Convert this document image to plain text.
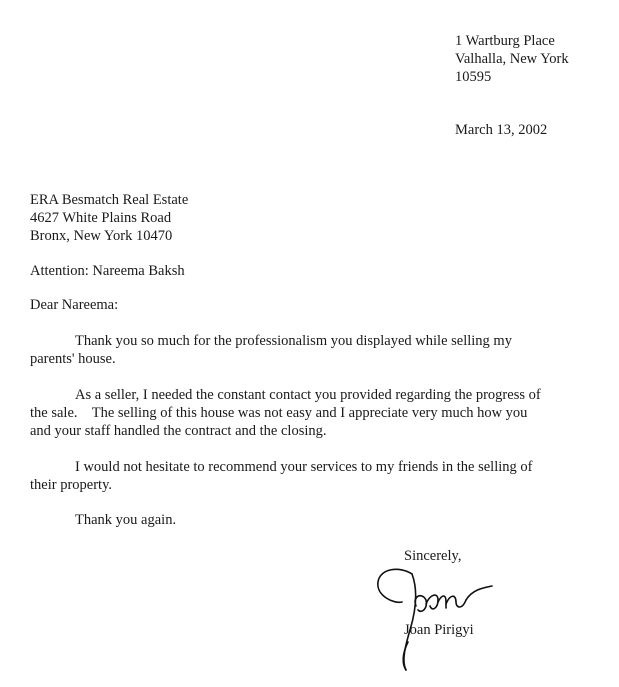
1 Wartburg Place
Valhalla, New York
10595
March 13, 2002
ERA Besmatch Real Estate
4627 White Plains Road
Bronx, New York 10470
Attention: Nareema Baksh
Dear Nareema:
Thank you so much for the professionalism you displayed while selling my
parents' house.
As a seller, I needed the constant contact you provided regarding the progress of
the sale.    The selling of this house was not easy and I appreciate very much how you
and your staff handled the contract and the closing.
I would not hesitate to recommend your services to my friends in the selling of
their property.
Thank you again.
Sincerely,
Joan Pirigyi
